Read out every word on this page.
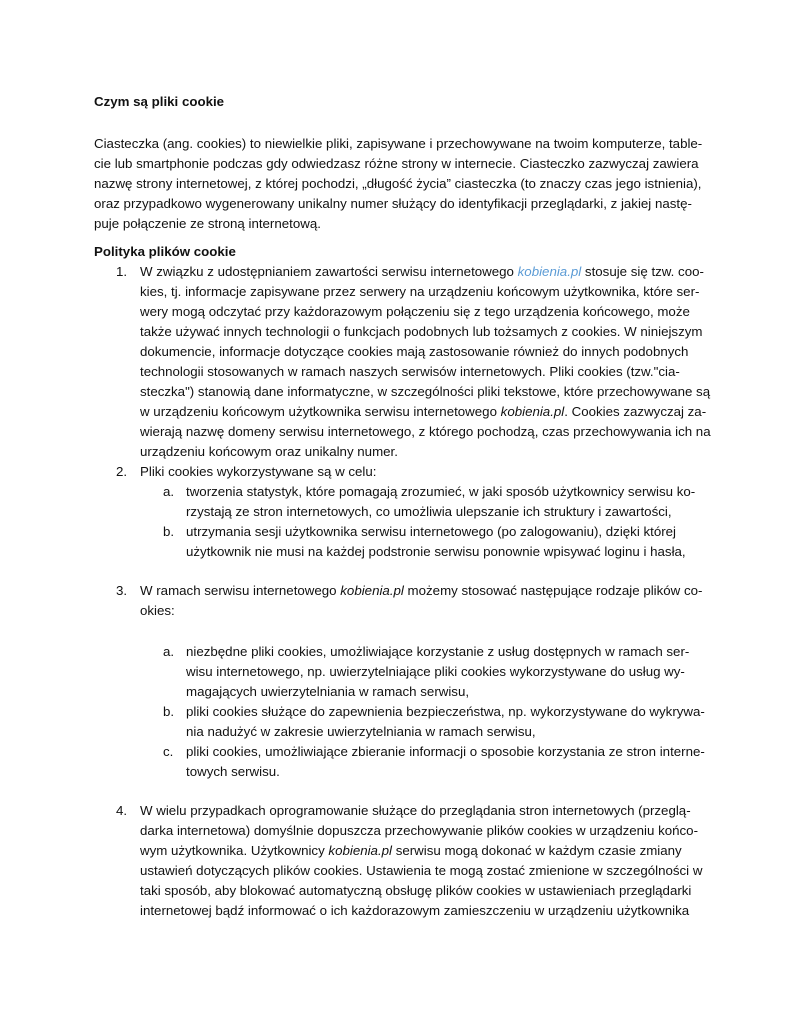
Czym są pliki cookie
Ciasteczka (ang. cookies) to niewielkie pliki, zapisywane i przechowywane na twoim komputerze, table-
cie lub smartphonie podczas gdy odwiedzasz różne strony w internecie. Ciasteczko zazwyczaj zawiera
nazwę strony internetowej, z której pochodzi, „długość życia” ciasteczka (to znaczy czas jego istnienia),
oraz przypadkowo wygenerowany unikalny numer służący do identyfikacji przeglądarki, z jakiej nastę-
puje połączenie ze stroną internetową.
Polityka plików cookie
1. W związku z udostępnianiem zawartości serwisu internetowego kobienia.pl stosuje się tzw. coo-
kies, tj. informacje zapisywane przez serwery na urządzeniu końcowym użytkownika, które ser-
wery mogą odczytać przy każdorazowym połączeniu się z tego urządzenia końcowego, może
także używać innych technologii o funkcjach podobnych lub tożsamych z cookies. W niniejszym
dokumencie, informacje dotyczące cookies mają zastosowanie również do innych podobnych
technologii stosowanych w ramach naszych serwisów internetowych. Pliki cookies (tzw."cia-
steczka") stanowią dane informatyczne, w szczególności pliki tekstowe, które przechowywane są
w urządzeniu końcowym użytkownika serwisu internetowego kobienia.pl. Cookies zazwyczaj za-
wierają nazwę domeny serwisu internetowego, z którego pochodzą, czas przechowywania ich na
urządzeniu końcowym oraz unikalny numer.
2. Pliki cookies wykorzystywane są w celu:
a. tworzenia statystyk, które pomagają zrozumieć, w jaki sposób użytkownicy serwisu ko-
rzystają ze stron internetowych, co umożliwia ulepszanie ich struktury i zawartości,
b. utrzymania sesji użytkownika serwisu internetowego (po zalogowaniu), dzięki której
użytkownik nie musi na każdej podstronie serwisu ponownie wpisywać loginu i hasła,
3. W ramach serwisu internetowego kobienia.pl możemy stosować następujące rodzaje plików co-
okies:
a. niezbędne pliki cookies, umożliwiające korzystanie z usług dostępnych w ramach ser-
wisu internetowego, np. uwierzytelniające pliki cookies wykorzystywane do usług wy-
magających uwierzytelniania w ramach serwisu,
b. pliki cookies służące do zapewnienia bezpieczeństwa, np. wykorzystywane do wykrywa-
nia nadużyć w zakresie uwierzytelniania w ramach serwisu,
c. pliki cookies, umożliwiające zbieranie informacji o sposobie korzystania ze stron interne-
towych serwisu.
4. W wielu przypadkach oprogramowanie służące do przeglądania stron internetowych (przeglą-
darka internetowa) domyślnie dopuszcza przechowywanie plików cookies w urządzeniu końco-
wym użytkownika. Użytkownicy kobienia.pl serwisu mogą dokonać w każdym czasie zmiany
ustawień dotyczących plików cookies. Ustawienia te mogą zostać zmienione w szczególności w
taki sposób, aby blokować automatyczną obsługę plików cookies w ustawieniach przeglądarki
internetowej bądź informować o ich każdorazowym zamieszczeniu w urządzeniu użytkownika
